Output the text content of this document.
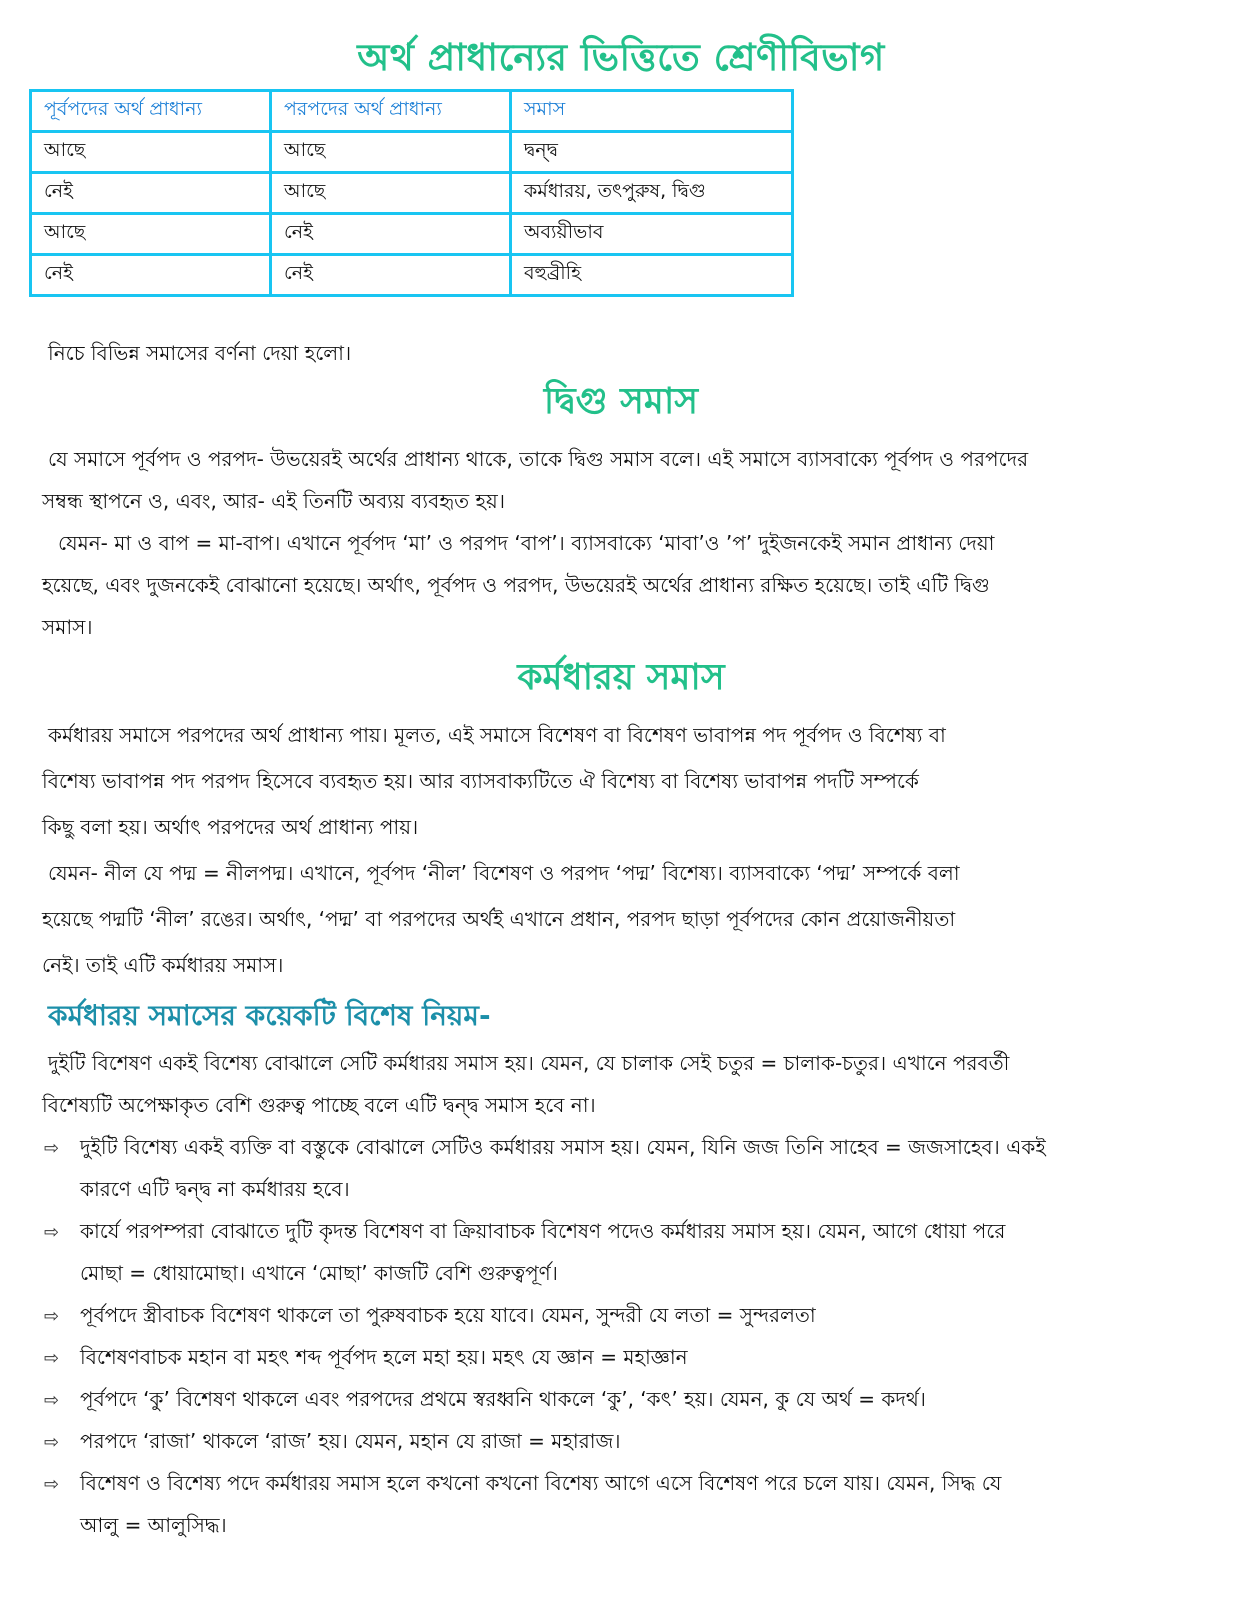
অর্থ প্রাধান্যের ভিত্তিতে শ্রেণীবিভাগ
পূর্বপদের অর্থ প্রাধান্য	পরপদের অর্থ প্রাধান্য	সমাস
আছে	আছে	দ্বন্দ্ব
নেই	আছে	কর্মধারয়, তৎপুরুষ, দ্বিগু
আছে	নেই	অব্যয়ীভাব
নেই	নেই	বহুব্রীহি
নিচে বিভিন্ন সমাসের বর্ণনা দেয়া হলো।
দ্বিগু সমাস
যে সমাসে পূর্বপদ ও পরপদ- উভয়েরই অর্থের প্রাধান্য থাকে, তাকে দ্বিগু সমাস বলে। এই সমাসে ব্যাসবাক্যে পূর্বপদ ও পরপদের
সম্বন্ধ স্থাপনে ও, এবং, আর- এই তিনটি অব্যয় ব্যবহৃত হয়।
যেমন- মা ও বাপ = মা-বাপ। এখানে পূর্বপদ ‘মা’ ও পরপদ ‘বাপ’। ব্যাসবাক্যে ‘মাবা’ও ’প’ দুইজনকেই সমান প্রাধান্য দেয়া
হয়েছে, এবং দুজনকেই বোঝানো হয়েছে। অর্থাৎ, পূর্বপদ ও পরপদ, উভয়েরই অর্থের প্রাধান্য রক্ষিত হয়েছে। তাই এটি দ্বিগু
সমাস।
কর্মধারয় সমাস
কর্মধারয় সমাসে পরপদের অর্থ প্রাধান্য পায়। মূলত, এই সমাসে বিশেষণ বা বিশেষণ ভাবাপন্ন পদ পূর্বপদ ও বিশেষ্য বা
বিশেষ্য ভাবাপন্ন পদ পরপদ হিসেবে ব্যবহৃত হয়। আর ব্যাসবাক্যটিতে ঐ বিশেষ্য বা বিশেষ্য ভাবাপন্ন পদটি সম্পর্কে
কিছু বলা হয়। অর্থাৎ পরপদের অর্থ প্রাধান্য পায়।
যেমন- নীল যে পদ্ম = নীলপদ্ম। এখানে, পূর্বপদ ‘নীল’ বিশেষণ ও পরপদ ‘পদ্ম’ বিশেষ্য। ব্যাসবাক্যে ‘পদ্ম’ সম্পর্কে বলা
হয়েছে পদ্মটি ‘নীল’ রঙের। অর্থাৎ, ‘পদ্ম’ বা পরপদের অর্থই এখানে প্রধান, পরপদ ছাড়া পূর্বপদের কোন প্রয়োজনীয়তা
নেই। তাই এটি কর্মধারয় সমাস।
কর্মধারয় সমাসের কয়েকটি বিশেষ নিয়ম-
দুইটি বিশেষণ একই বিশেষ্য বোঝালে সেটি কর্মধারয় সমাস হয়। যেমন, যে চালাক সেই চতুর = চালাক-চতুর। এখানে পরবর্তী
বিশেষ্যটি অপেক্ষাকৃত বেশি গুরুত্ব পাচ্ছে বলে এটি দ্বন্দ্ব সমাস হবে না।
⇨ দুইটি বিশেষ্য একই ব্যক্তি বা বস্তুকে বোঝালে সেটিও কর্মধারয় সমাস হয়। যেমন, যিনি জজ তিনি সাহেব = জজসাহেব। একই
কারণে এটি দ্বন্দ্ব না কর্মধারয় হবে।
⇨ কার্যে পরপম্পরা বোঝাতে দুটি কৃদন্ত বিশেষণ বা ক্রিয়াবাচক বিশেষণ পদেও কর্মধারয় সমাস হয়। যেমন, আগে ধোয়া পরে
মোছা = ধোয়ামোছা। এখানে ‘মোছা’ কাজটি বেশি গুরুত্বপূর্ণ।
⇨ পূর্বপদে স্ত্রীবাচক বিশেষণ থাকলে তা পুরুষবাচক হয়ে যাবে। যেমন, সুন্দরী যে লতা = সুন্দরলতা
⇨ বিশেষণবাচক মহান বা মহৎ শব্দ পূর্বপদ হলে মহা হয়। মহৎ যে জ্ঞান = মহাজ্ঞান
⇨ পূর্বপদে ‘কু’ বিশেষণ থাকলে এবং পরপদের প্রথমে স্বরধ্বনি থাকলে ‘কু’, ‘কৎ’ হয়। যেমন, কু যে অর্থ = কদর্থ।
⇨ পরপদে ‘রাজা’ থাকলে ‘রাজ’ হয়। যেমন, মহান যে রাজা = মহারাজ।
⇨ বিশেষণ ও বিশেষ্য পদে কর্মধারয় সমাস হলে কখনো কখনো বিশেষ্য আগে এসে বিশেষণ পরে চলে যায়। যেমন, সিদ্ধ যে
আলু = আলুসিদ্ধ।
